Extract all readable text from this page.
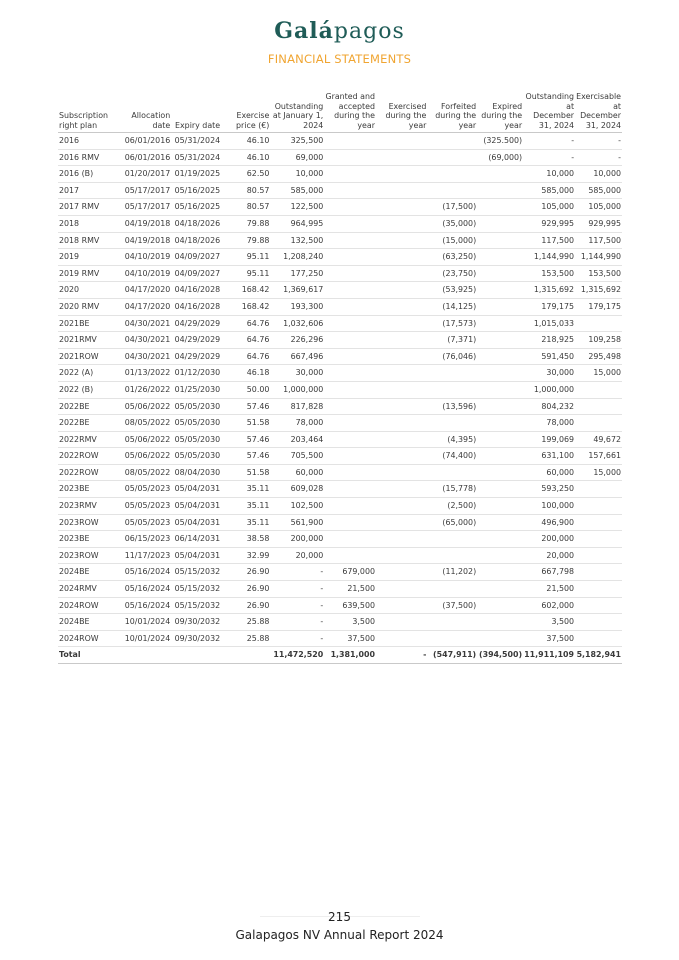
Galápagos
FINANCIAL STATEMENTS
Subscription right plan	Allocation date	Expiry date	Exercise price (€)	Outstanding at January 1, 2024	Granted and accepted during the year	Exercised during the year	Forfeited during the year	Expired during the year	Outstanding at December 31, 2024	Exercisable at December 31, 2024
2016	06/01/2016	05/31/2024	46.10	325,500				(325.500)	-	-
2016 RMV	06/01/2016	05/31/2024	46.10	69,000				(69,000)	-	-
2016 (B)	01/20/2017	01/19/2025	62.50	10,000					10,000	10,000
2017	05/17/2017	05/16/2025	80.57	585,000					585,000	585,000
2017 RMV	05/17/2017	05/16/2025	80.57	122,500			(17,500)		105,000	105,000
2018	04/19/2018	04/18/2026	79.88	964,995			(35,000)		929,995	929,995
2018 RMV	04/19/2018	04/18/2026	79.88	132,500			(15,000)		117,500	117,500
2019	04/10/2019	04/09/2027	95.11	1,208,240			(63,250)		1,144,990	1,144,990
2019 RMV	04/10/2019	04/09/2027	95.11	177,250			(23,750)		153,500	153,500
2020	04/17/2020	04/16/2028	168.42	1,369,617			(53,925)		1,315,692	1,315,692
2020 RMV	04/17/2020	04/16/2028	168.42	193,300			(14,125)		179,175	179,175
2021BE	04/30/2021	04/29/2029	64.76	1,032,606			(17,573)		1,015,033	
2021RMV	04/30/2021	04/29/2029	64.76	226,296			(7,371)		218,925	109,258
2021ROW	04/30/2021	04/29/2029	64.76	667,496			(76,046)		591,450	295,498
2022 (A)	01/13/2022	01/12/2030	46.18	30,000					30,000	15,000
2022 (B)	01/26/2022	01/25/2030	50.00	1,000,000					1,000,000	
2022BE	05/06/2022	05/05/2030	57.46	817,828			(13,596)		804,232	
2022BE	08/05/2022	05/05/2030	51.58	78,000					78,000	
2022RMV	05/06/2022	05/05/2030	57.46	203,464			(4,395)		199,069	49,672
2022ROW	05/06/2022	05/05/2030	57.46	705,500			(74,400)		631,100	157,661
2022ROW	08/05/2022	08/04/2030	51.58	60,000					60,000	15,000
2023BE	05/05/2023	05/04/2031	35.11	609,028			(15,778)		593,250	
2023RMV	05/05/2023	05/04/2031	35.11	102,500			(2,500)		100,000	
2023ROW	05/05/2023	05/04/2031	35.11	561,900			(65,000)		496,900	
2023BE	06/15/2023	06/14/2031	38.58	200,000					200,000	
2023ROW	11/17/2023	05/04/2031	32.99	20,000					20,000	
2024BE	05/16/2024	05/15/2032	26.90	-	679,000		(11,202)		667,798	
2024RMV	05/16/2024	05/15/2032	26.90	-	21,500				21,500	
2024ROW	05/16/2024	05/15/2032	26.90	-	639,500		(37,500)		602,000	
2024BE	10/01/2024	09/30/2032	25.88	-	3,500				3,500	
2024ROW	10/01/2024	09/30/2032	25.88	-	37,500				37,500	
Total				11,472,520	1,381,000	-	(547,911)	(394,500)	11,911,109	5,182,941
215
Galapagos NV Annual Report 2024
